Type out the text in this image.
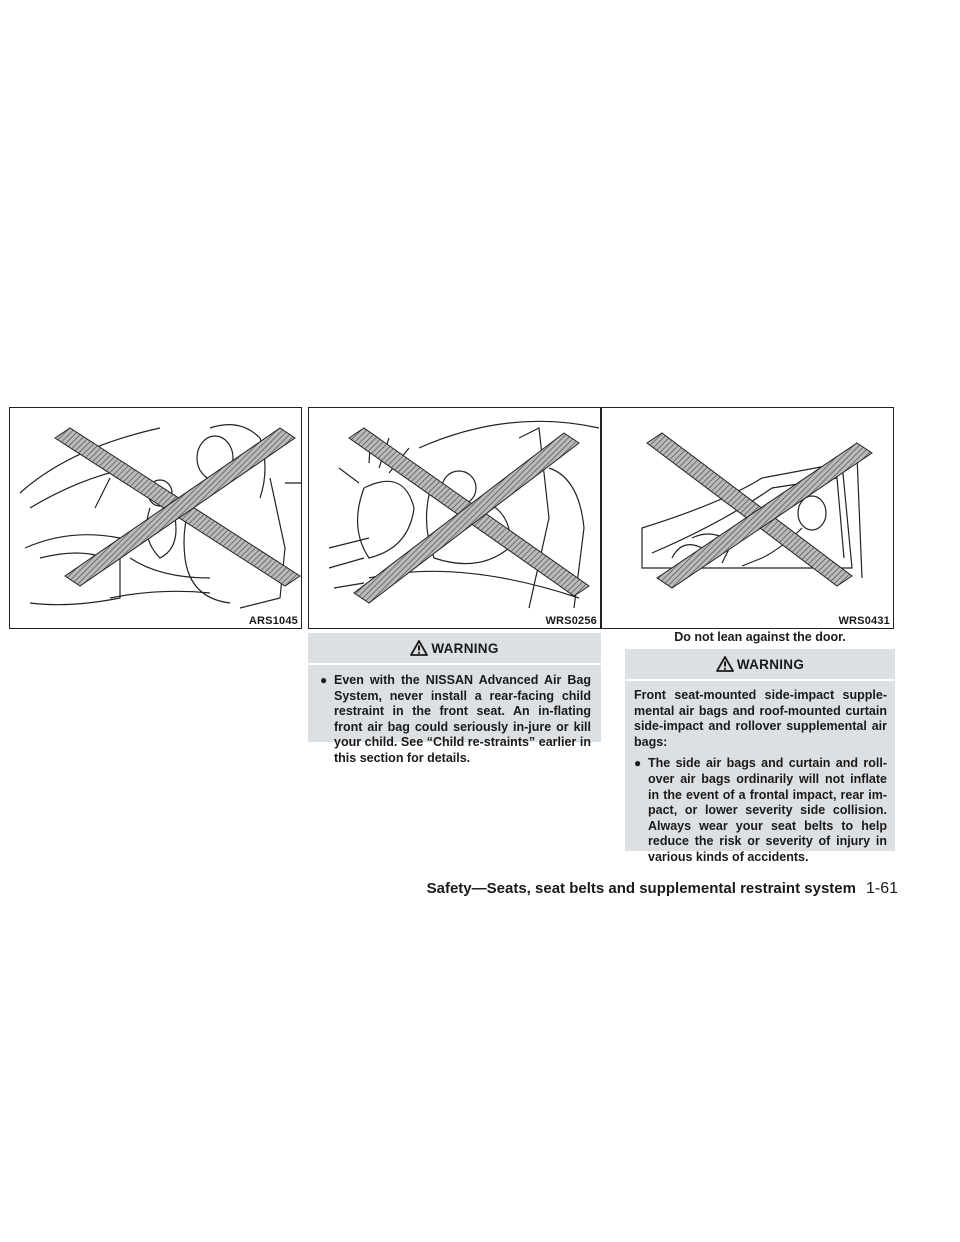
ARS1045	WRS0256	WRS0431
Do not lean against the door.
WARNING
● Even with the NISSAN Advanced Air Bag System, never install a rear-facing child restraint in the front seat. An in-flating front air bag could seriously in-jure or kill your child. See “Child re-straints” earlier in this section for details.
WARNING
Front seat-mounted side-impact supple-mental air bags and roof-mounted curtain side-impact and rollover supplemental air bags:
● The side air bags and curtain and roll-over air bags ordinarily will not inflate in the event of a frontal impact, rear im-pact, or lower severity side collision. Always wear your seat belts to help reduce the risk or severity of injury in various kinds of accidents.
Safety—Seats, seat belts and supplemental restraint system 1-61
